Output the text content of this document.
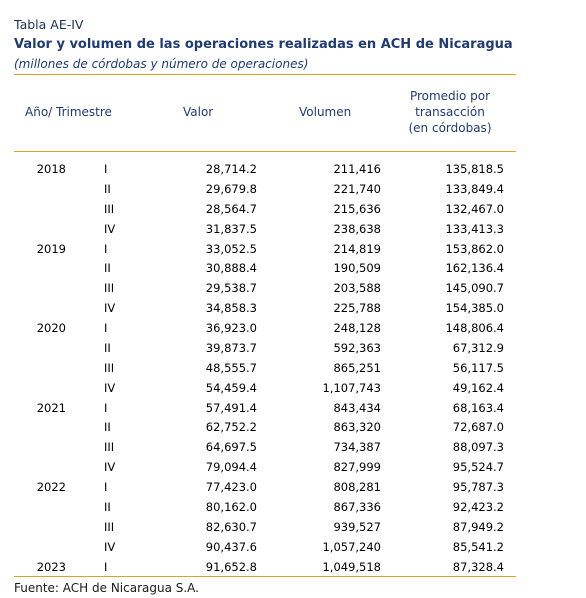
Tabla AE-IV
Valor y volumen de las operaciones realizadas en ACH de Nicaragua
(millones de córdobas y número de operaciones)
Año/ Trimestre	Valor	Volumen
Promedio por
transacción
(en córdobas)
2018	I	28,714.2	211,416	135,818.5
II	29,679.8	221,740	133,849.4
III	28,564.7	215,636	132,467.0
IV	31,837.5	238,638	133,413.3
2019	I	33,052.5	214,819	153,862.0
II	30,888.4	190,509	162,136.4
III	29,538.7	203,588	145,090.7
IV	34,858.3	225,788	154,385.0
2020	I	36,923.0	248,128	148,806.4
II	39,873.7	592,363	67,312.9
III	48,555.7	865,251	56,117.5
IV	54,459.4	1,107,743	49,162.4
2021	I	57,491.4	843,434	68,163.4
II	62,752.2	863,320	72,687.0
III	64,697.5	734,387	88,097.3
IV	79,094.4	827,999	95,524.7
2022	I	77,423.0	808,281	95,787.3
II	80,162.0	867,336	92,423.2
III	82,630.7	939,527	87,949.2
IV	90,437.6	1,057,240	85,541.2
2023	I	91,652.8	1,049,518	87,328.4
Fuente: ACH de Nicaragua S.A.
